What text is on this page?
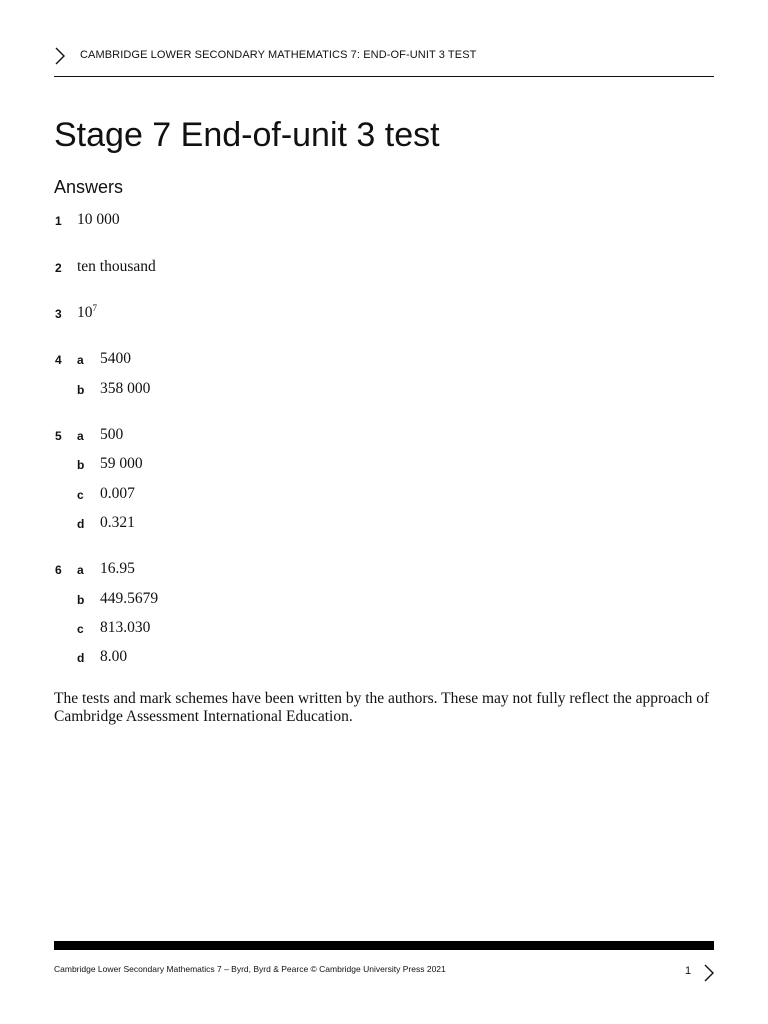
CAMBRIDGE LOWER SECONDARY MATHEMATICS 7: END-OF-UNIT 3 TEST
Stage 7 End-of-unit 3 test
Answers
1 10 000
2 ten thousand
3 $10^7$
4 a 5400
b 358 000
5 a 500
b 59 000
c 0.007
d 0.321
6 a 16.95
b 449.5679
c 813.030
d 8.00

The tests and mark schemes have been written by the authors. These may not fully reflect the approach of Cambridge Assessment International Education.

Cambridge Lower Secondary Mathematics 7 – Byrd, Byrd & Pearce © Cambridge University Press 2021	1
